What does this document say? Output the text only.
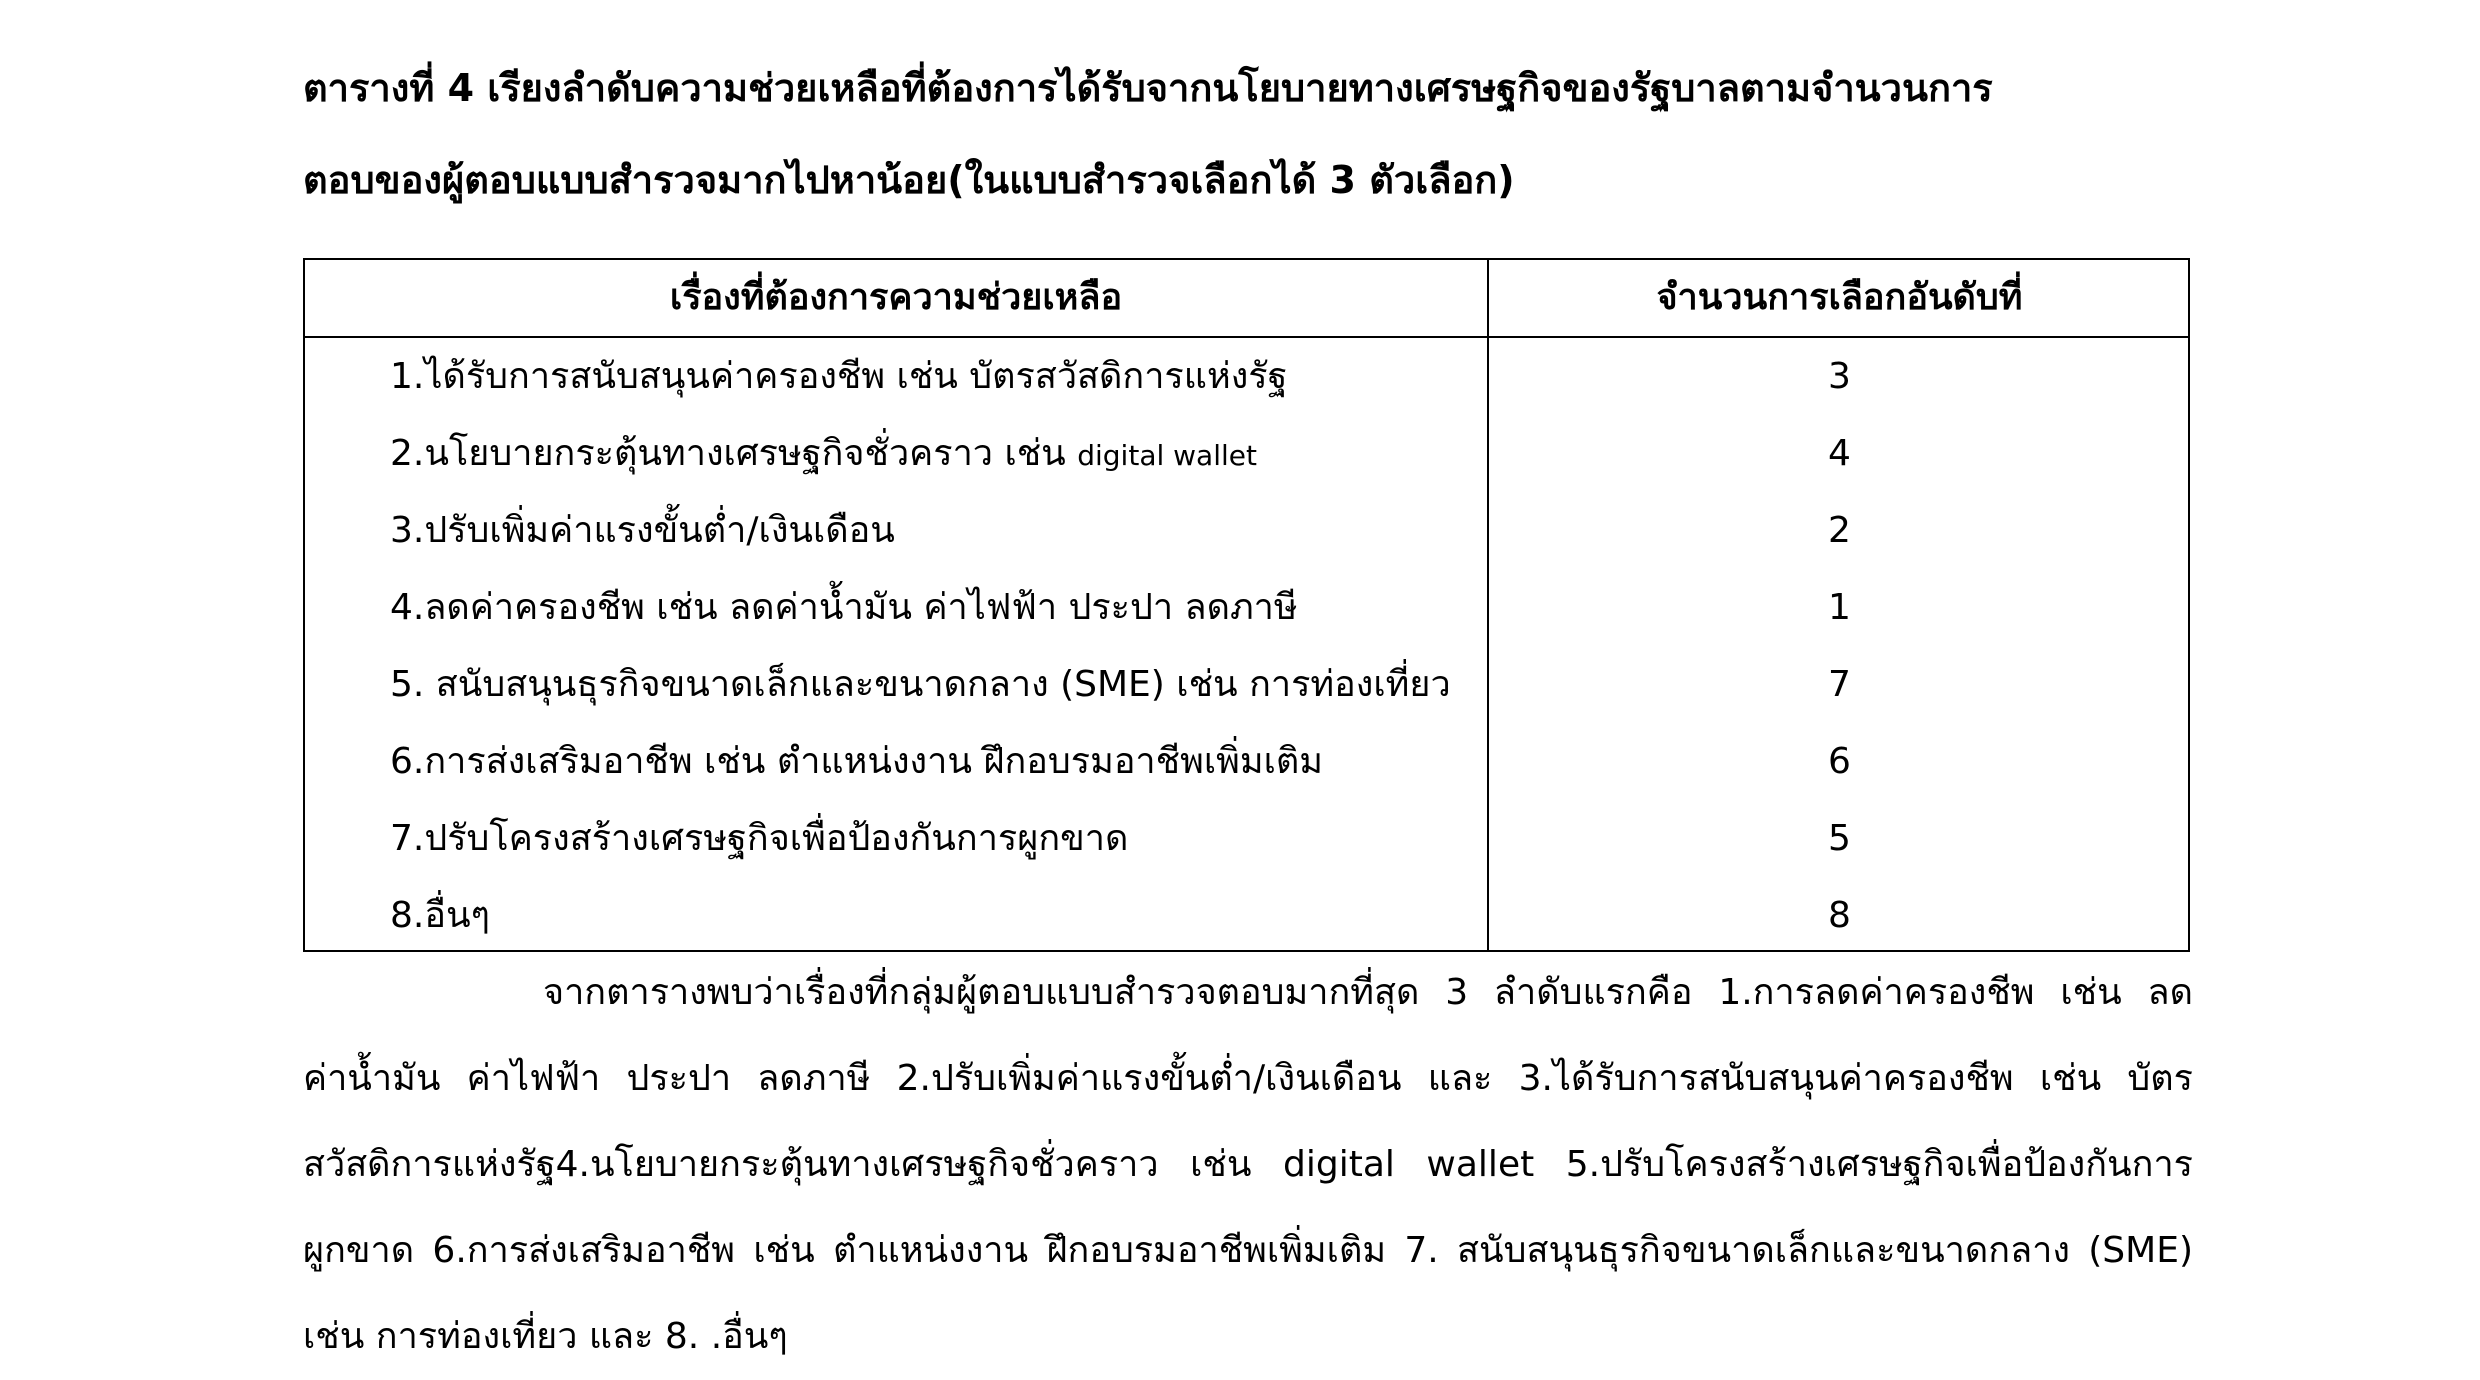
ตารางที่ 4 เรียงลำดับความช่วยเหลือที่ต้องการได้รับจากนโยบายทางเศรษฐกิจของรัฐบาลตามจำนวนการ
ตอบของผู้ตอบแบบสำรวจมากไปหาน้อย(ในแบบสำรวจเลือกได้ 3 ตัวเลือก)

เรื่องที่ต้องการความช่วยเหลือ	จำนวนการเลือกอันดับที่
1.ได้รับการสนับสนุนค่าครองชีพ เช่น บัตรสวัสดิการแห่งรัฐ	3
2.นโยบายกระตุ้นทางเศรษฐกิจชั่วคราว เช่น digital wallet	4
3.ปรับเพิ่มค่าแรงขั้นต่ำ/เงินเดือน	2
4.ลดค่าครองชีพ เช่น ลดค่าน้ำมัน ค่าไฟฟ้า ประปา ลดภาษี	1
5. สนับสนุนธุรกิจขนาดเล็กและขนาดกลาง (SME) เช่น การท่องเที่ยว	7
6.การส่งเสริมอาชีพ เช่น ตำแหน่งงาน ฝึกอบรมอาชีพเพิ่มเติม	6
7.ปรับโครงสร้างเศรษฐกิจเพื่อป้องกันการผูกขาด	5
8.อื่นๆ	8

จากตารางพบว่าเรื่องที่กลุ่มผู้ตอบแบบสำรวจตอบมากที่สุด 3 ลำดับแรกคือ 1.การลดค่าครองชีพ เช่น ลดค่าน้ำมัน ค่าไฟฟ้า ประปา ลดภาษี 2.ปรับเพิ่มค่าแรงขั้นต่ำ/เงินเดือน และ 3.ได้รับการสนับสนุนค่าครองชีพ เช่น บัตรสวัสดิการแห่งรัฐ4.นโยบายกระตุ้นทางเศรษฐกิจชั่วคราว เช่น digital wallet 5.ปรับโครงสร้างเศรษฐกิจเพื่อป้องกันการผูกขาด 6.การส่งเสริมอาชีพ เช่น ตำแหน่งงาน ฝึกอบรมอาชีพเพิ่มเติม 7. สนับสนุนธุรกิจขนาดเล็กและขนาดกลาง (SME) เช่น การท่องเที่ยว และ 8. .อื่นๆ
